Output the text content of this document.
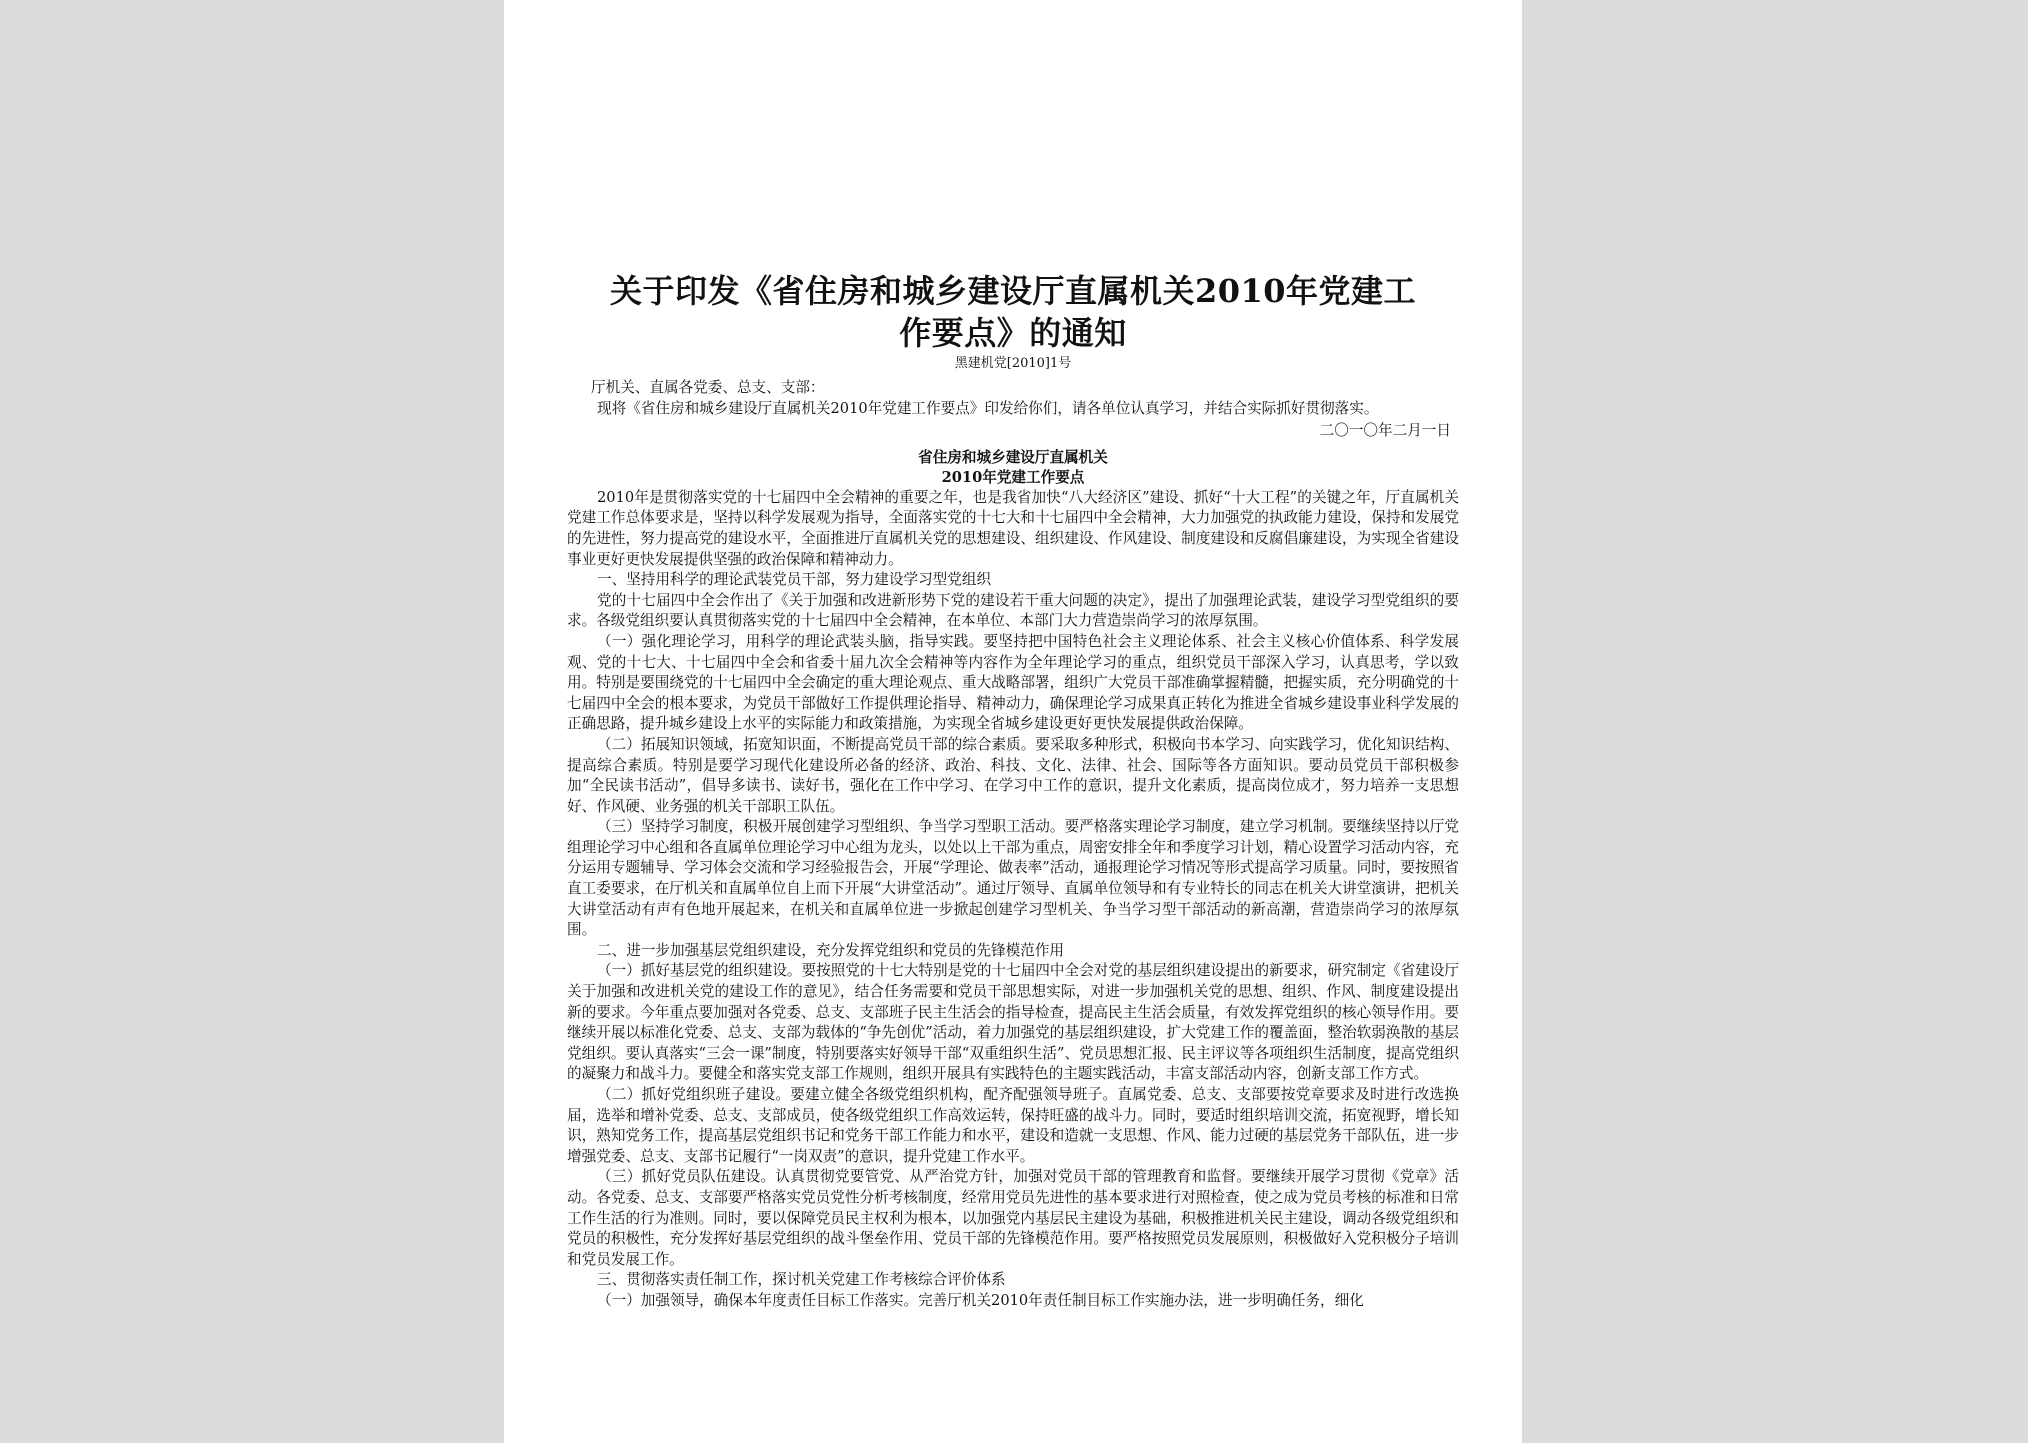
关于印发《省住房和城乡建设厅直属机关2010年党建工
作要点》的通知

黑建机党[2010]1号

厅机关、直属各党委、总支、支部：

现将《省住房和城乡建设厅直属机关2010年党建工作要点》印发给你们，请各单位认真学习，并结合实际抓好贯彻落实。

二〇一〇年二月一日

省住房和城乡建设厅直属机关

2010年党建工作要点

2010年是贯彻落实党的十七届四中全会精神的重要之年，也是我省加快“八大经济区”建设、抓好“十大工程”的关键之年，厅直属机关党建工作总体要求是，坚持以科学发展观为指导，全面落实党的十七大和十七届四中全会精神，大力加强党的执政能力建设，保持和发展党的先进性，努力提高党的建设水平，全面推进厅直属机关党的思想建设、组织建设、作风建设、制度建设和反腐倡廉建设，为实现全省建设事业更好更快发展提供坚强的政治保障和精神动力。

一、坚持用科学的理论武装党员干部，努力建设学习型党组织

党的十七届四中全会作出了《关于加强和改进新形势下党的建设若干重大问题的决定》，提出了加强理论武装，建设学习型党组织的要求。各级党组织要认真贯彻落实党的十七届四中全会精神，在本单位、本部门大力营造崇尚学习的浓厚氛围。

（一）强化理论学习，用科学的理论武装头脑，指导实践。要坚持把中国特色社会主义理论体系、社会主义核心价值体系、科学发展观、党的十七大、十七届四中全会和省委十届九次全会精神等内容作为全年理论学习的重点，组织党员干部深入学习，认真思考，学以致用。特别是要围绕党的十七届四中全会确定的重大理论观点、重大战略部署，组织广大党员干部准确掌握精髓，把握实质，充分明确党的十七届四中全会的根本要求，为党员干部做好工作提供理论指导、精神动力，确保理论学习成果真正转化为推进全省城乡建设事业科学发展的正确思路，提升城乡建设上水平的实际能力和政策措施，为实现全省城乡建设更好更快发展提供政治保障。

（二）拓展知识领域，拓宽知识面，不断提高党员干部的综合素质。要采取多种形式，积极向书本学习、向实践学习，优化知识结构、提高综合素质。特别是要学习现代化建设所必备的经济、政治、科技、文化、法律、社会、国际等各方面知识。要动员党员干部积极参加“全民读书活动”，倡导多读书、读好书，强化在工作中学习、在学习中工作的意识，提升文化素质，提高岗位成才，努力培养一支思想好、作风硬、业务强的机关干部职工队伍。

（三）坚持学习制度，积极开展创建学习型组织、争当学习型职工活动。要严格落实理论学习制度，建立学习机制。要继续坚持以厅党组理论学习中心组和各直属单位理论学习中心组为龙头，以处以上干部为重点，周密安排全年和季度学习计划，精心设置学习活动内容，充分运用专题辅导、学习体会交流和学习经验报告会，开展“学理论、做表率”活动，通报理论学习情况等形式提高学习质量。同时，要按照省直工委要求，在厅机关和直属单位自上而下开展“大讲堂活动”。通过厅领导、直属单位领导和有专业特长的同志在机关大讲堂演讲，把机关大讲堂活动有声有色地开展起来，在机关和直属单位进一步掀起创建学习型机关、争当学习型干部活动的新高潮，营造崇尚学习的浓厚氛围。

二、进一步加强基层党组织建设，充分发挥党组织和党员的先锋模范作用

（一）抓好基层党的组织建设。要按照党的十七大特别是党的十七届四中全会对党的基层组织建设提出的新要求，研究制定《省建设厅关于加强和改进机关党的建设工作的意见》，结合任务需要和党员干部思想实际，对进一步加强机关党的思想、组织、作风、制度建设提出新的要求。今年重点要加强对各党委、总支、支部班子民主生活会的指导检查，提高民主生活会质量，有效发挥党组织的核心领导作用。要继续开展以标准化党委、总支、支部为载体的“争先创优”活动，着力加强党的基层组织建设，扩大党建工作的覆盖面，整治软弱涣散的基层党组织。要认真落实“三会一课”制度，特别要落实好领导干部“双重组织生活”、党员思想汇报、民主评议等各项组织生活制度，提高党组织的凝聚力和战斗力。要健全和落实党支部工作规则，组织开展具有实践特色的主题实践活动，丰富支部活动内容，创新支部工作方式。

（二）抓好党组织班子建设。要建立健全各级党组织机构，配齐配强领导班子。直属党委、总支、支部要按党章要求及时进行改选换届，选举和增补党委、总支、支部成员，使各级党组织工作高效运转，保持旺盛的战斗力。同时，要适时组织培训交流，拓宽视野，增长知识，熟知党务工作，提高基层党组织书记和党务干部工作能力和水平，建设和造就一支思想、作风、能力过硬的基层党务干部队伍，进一步增强党委、总支、支部书记履行“一岗双责”的意识，提升党建工作水平。

（三）抓好党员队伍建设。认真贯彻党要管党、从严治党方针，加强对党员干部的管理教育和监督。要继续开展学习贯彻《党章》活动。各党委、总支、支部要严格落实党员党性分析考核制度，经常用党员先进性的基本要求进行对照检查，使之成为党员考核的标准和日常工作生活的行为准则。同时，要以保障党员民主权利为根本，以加强党内基层民主建设为基础，积极推进机关民主建设，调动各级党组织和党员的积极性，充分发挥好基层党组织的战斗堡垒作用、党员干部的先锋模范作用。要严格按照党员发展原则，积极做好入党积极分子培训和党员发展工作。

三、贯彻落实责任制工作，探讨机关党建工作考核综合评价体系

（一）加强领导，确保本年度责任目标工作落实。完善厅机关2010年责任制目标工作实施办法，进一步明确任务，细化
